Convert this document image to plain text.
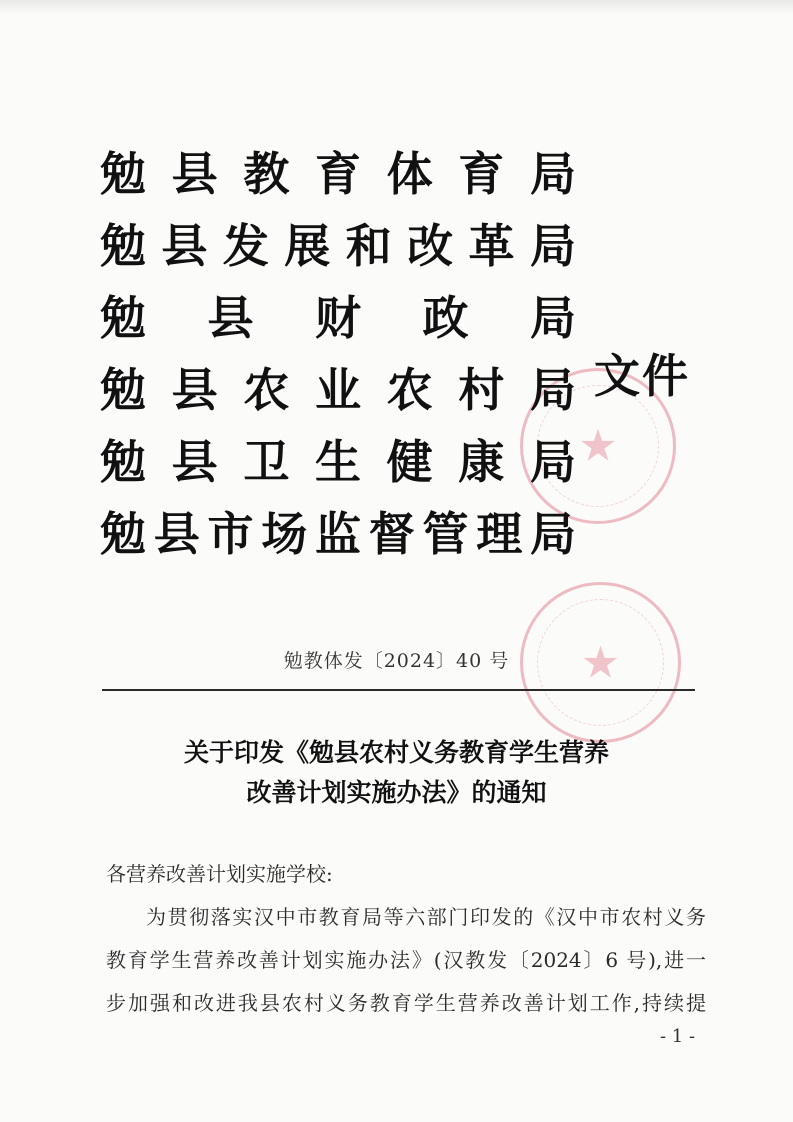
★
★
勉 县 教 育 体 育 局
勉 县 发 展 和 改 革 局
勉 县 财 政 局
勉 县 农 业 农 村 局
勉 县 卫 生 健 康 局
勉 县 市 场 监 督 管 理 局
文件
勉教体发〔2024〕40 号
关于印发《勉县农村义务教育学生营养
改善计划实施办法》的通知

各营养改善计划实施学校:

为贯彻落实汉中市教育局等六部门印发的《汉中市农村义务

教育学生营养改善计划实施办法》(汉教发〔2024〕6 号),进一

步加强和改进我县农村义务教育学生营养改善计划工作,持续提

- 1 -
